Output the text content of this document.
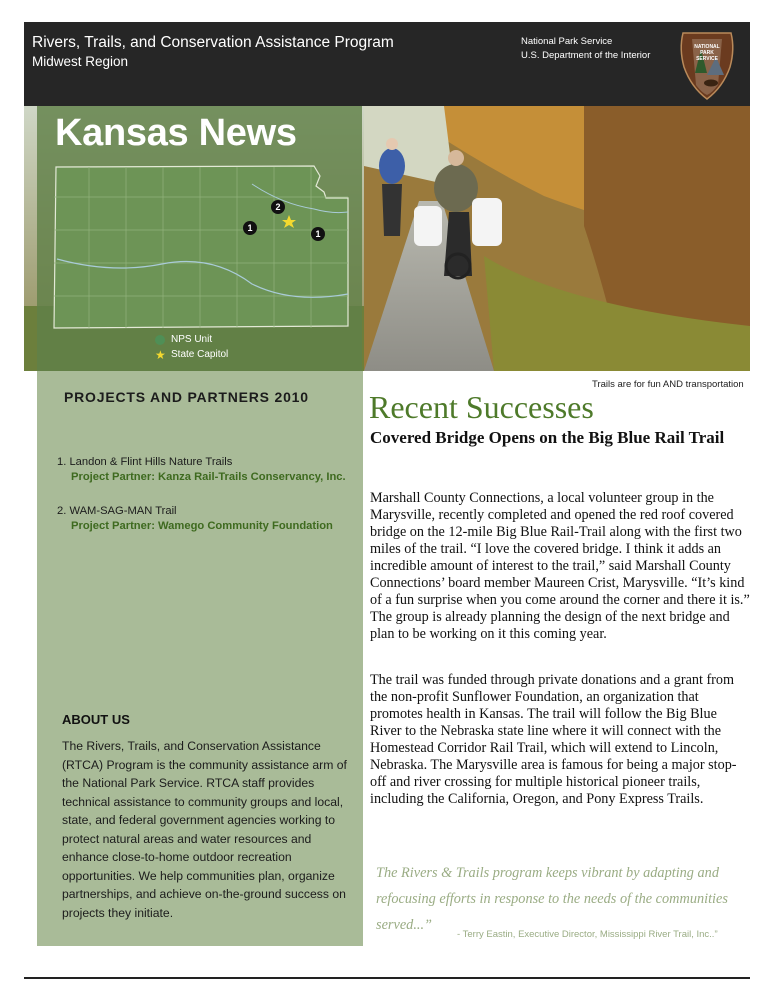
Rivers, Trails, and Conservation Assistance Program
Midwest Region
National Park Service
U.S. Department of the Interior
NATIONAL
PARK
SERVICE
Kansas News
1
2
1
NPS Unit
★ State Capitol
Trails are for fun AND transportation
PROJECTS AND PARTNERS 2010
1. Landon & Flint Hills Nature Trails
Project Partner: Kanza Rail-Trails Conservancy, Inc.
2. WAM-SAG-MAN Trail
Project Partner: Wamego Community Foundation
ABOUT US
The Rivers, Trails, and Conservation Assistance (RTCA) Program is the community assistance arm of the National Park Service. RTCA staff provides technical assistance to community groups and local, state, and federal government agencies working to protect natural areas and water resources and enhance close-to-home outdoor recreation opportunities. We help communities plan, organize partnerships, and achieve on-the-ground success on projects they initiate.
Recent Successes
Covered Bridge Opens on the Big Blue Rail Trail
Marshall County Connections, a local volunteer group in the Marysville, recently completed and opened the red roof covered bridge on the 12-mile Big Blue Rail-Trail along with the first two miles of the trail. “I love the covered bridge. I think it adds an incredible amount of interest to the trail,” said Marshall County Connections’ board member Maureen Crist, Marysville. “It’s kind of a fun surprise when you come around the corner and there it is.” The group is already planning the design of the next bridge and plan to be working on it this coming year.
The trail was funded through private donations and a grant from the non-profit Sunflower Foundation, an organization that promotes health in Kansas. The trail will follow the Big Blue River to the Nebraska state line where it will connect with the Homestead Corridor Rail Trail, which will extend to Lincoln, Nebraska. The Marysville area is famous for being a major stop-off and river crossing for multiple historical pioneer trails, including the California, Oregon, and Pony Express Trails.
The Rivers & Trails program keeps vibrant by adapting and refocusing efforts in response to the needs of the communities served...”
- Terry Eastin, Executive Director, Mississippi River Trail, Inc..”
